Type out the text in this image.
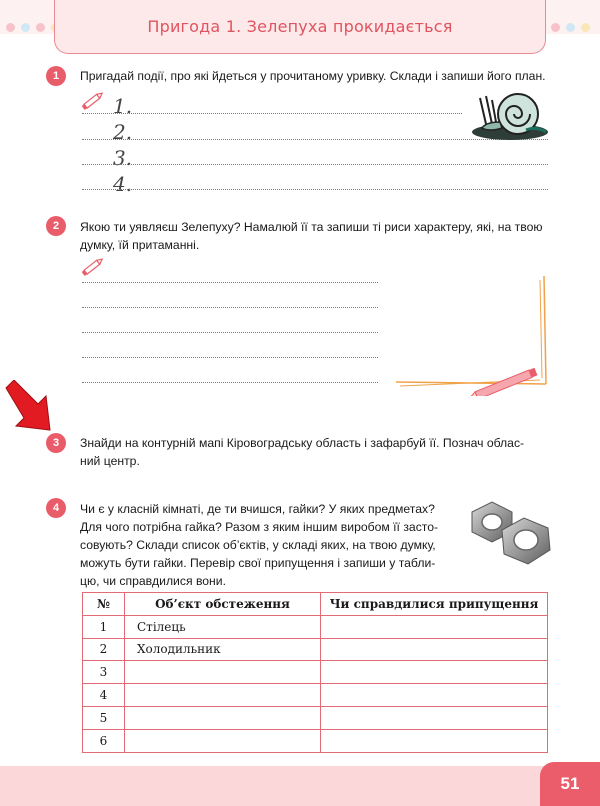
Пригода 1. Зелепуха прокидається
1	Пригадай події, про які йдеться у прочитаному уривку. Склади і запиши його план.
1.
2.
3.
4.
2	Якою ти уявляєш Зелепуху? Намалюй її та запиши ті риси характеру, які, на твою
думку, їй притаманні.
3	Знайди на контурній мапі Кіровоградську область і зафарбуй її. Познач облас-
ний центр.
4	Чи є у класній кімнаті, де ти вчишся, гайки? У яких предметах?
Для чого потрібна гайка? Разом з яким іншим виробом її засто-
совують? Склади список об’єктів, у складі яких, на твою думку,
можуть бути гайки. Перевір свої припущення і запиши у табли-
цю, чи справдилися вони.
№	Об’єкт обстеження	Чи справдилися припущення
1	Стілець	
2	Холодильник	
3		
4		
5		
6		
51
